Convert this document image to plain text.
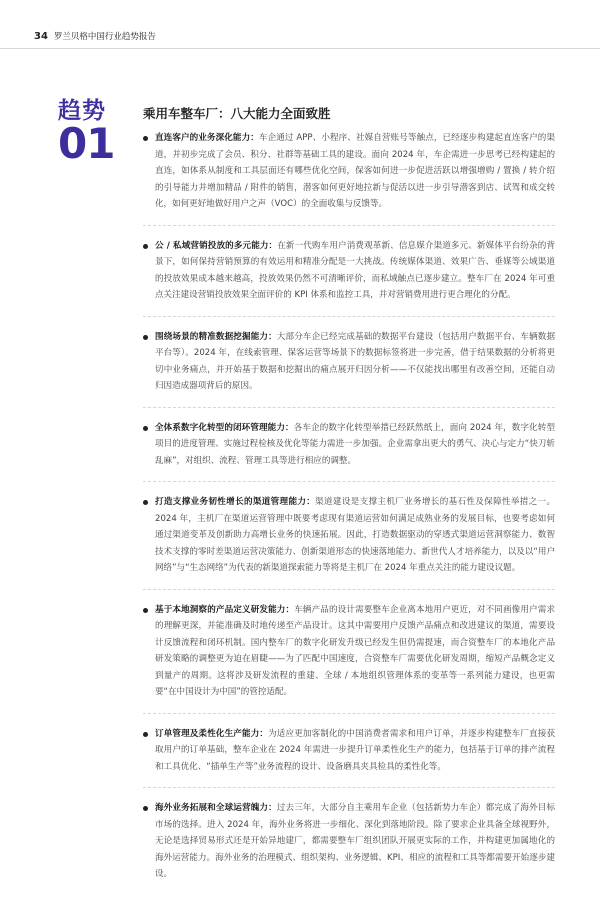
34 罗兰贝格中国行业趋势报告
趋势
01
乘用车整车厂：八大能力全面致胜
直连客户的业务深化能力：车企通过 APP、小程序、社媒自营账号等触点，已经逐步构建起直连客户的渠道，并初步完成了会员、积分、社群等基础工具的建设。面向 2024 年，车企需进一步思考已经构建起的直连，如体系从制度和工具层面还有哪些优化空间，保客如何进一步促进活跃以增强增购 / 置换 / 转介绍的引导能力并增加精品 / 附件的销售，潜客如何更好地拉新与促活以进一步引导潜客到店、试驾和成交转化，如何更好地做好用户之声（VOC）的全面收集与反馈等。
公 / 私域营销投放的多元能力：在新一代购车用户消费观革新、信息媒介渠道多元、新媒体平台纷杂的背景下，如何保持营销预算的有效运用和精准分配是一大挑战。传统媒体渠道、效果广告、垂媒等公域渠道的投放效果成本越来越高，投放效果仍然不可清晰评价，而私域触点已逐步建立。整车厂在 2024 年可重点关注建设营销投放效果全面评价的 KPI 体系和监控工具，并对营销费用进行更合理化的分配。
围绕场景的精准数据挖掘能力：大部分车企已经完成基础的数据平台建设（包括用户数据平台、车辆数据平台等）。2024 年，在线索管理、保客运营等场景下的数据标签将进一步完善，借于结果数据的分析将更切中业务痛点，并开始基于数据和挖掘出的痛点展开归因分析——不仅能找出哪里有改善空间，还能自动归因造成器项背后的原因。
全体系数字化转型的闭环管理能力：各车企的数字化转型举措已经跃然纸上，面向 2024 年，数字化转型项目的进度管理、实施过程检核及优化等能力需进一步加强。企业需拿出更大的勇气、决心与定力“快刀斩乱麻”，对组织、流程、管理工具等进行相应的调整。
打造支撑业务韧性增长的渠道管理能力：渠道建设是支撑主机厂业务增长的基石性及保障性举措之一。2024 年，主机厂在渠道运营管理中既要考虑现有渠道运营如何满足成熟业务的发展目标，也要考虑如何通过渠道变革及创新助力高增长业务的快速拓展。因此，打造数据驱动的穿透式渠道运营洞察能力、数智技术支撑的零时差渠道运营决策能力、创新渠道形态的快速落地能力、新世代人才培养能力，以及以“用户网络”与“生态网络”为代表的新渠道探索能力等将是主机厂在 2024 年重点关注的能力建设议题。
基于本地洞察的产品定义研发能力：车辆产品的设计需要整车企业离本地用户更近，对不同画像用户需求的理解更深，并能准确及时地传递至产品设计。这其中需要用户反馈产品痛点和改进建议的渠道，需要设计反馈流程和闭环机制。国内整车厂的数字化研发升级已经发生但仍需提速，而合资整车厂的本地化产品研发策略的调整更为迫在眉睫——为了匹配中国速度，合资整车厂需要优化研发周期，缩短产品概念定义到量产的周期。这将涉及研发流程的重建、全球 / 本地组织管理体系的变革等一系列能力建设，也更需要“在中国设计为中国”的管控适配。
订单管理及柔性化生产能力：为适应更加客制化的中国消费者需求和用户订单，并逐步构建整车厂直接获取用户的订单基础，整车企业在 2024 年需进一步提升订单柔性化生产的能力，包括基于订单的排产流程和工具优化、“插单生产等”业务流程的设计、设备磨具夹具检具的柔性化等。
海外业务拓展和全球运营魄力：过去三年，大部分自主乘用车企业（包括新势力车企）都完成了海外目标市场的选择。进入 2024 年，海外业务将进一步细化、深化到落地阶段。除了要求企业具备全球视野外，无论是选择贸易形式还是开始异地建厂，都需要整车厂组织团队开展更实际的工作，并构建更加属地化的海外运营能力。海外业务的治理模式、组织架构、业务逻辑、KPI、相应的流程和工具等都需要开始逐步建设。
